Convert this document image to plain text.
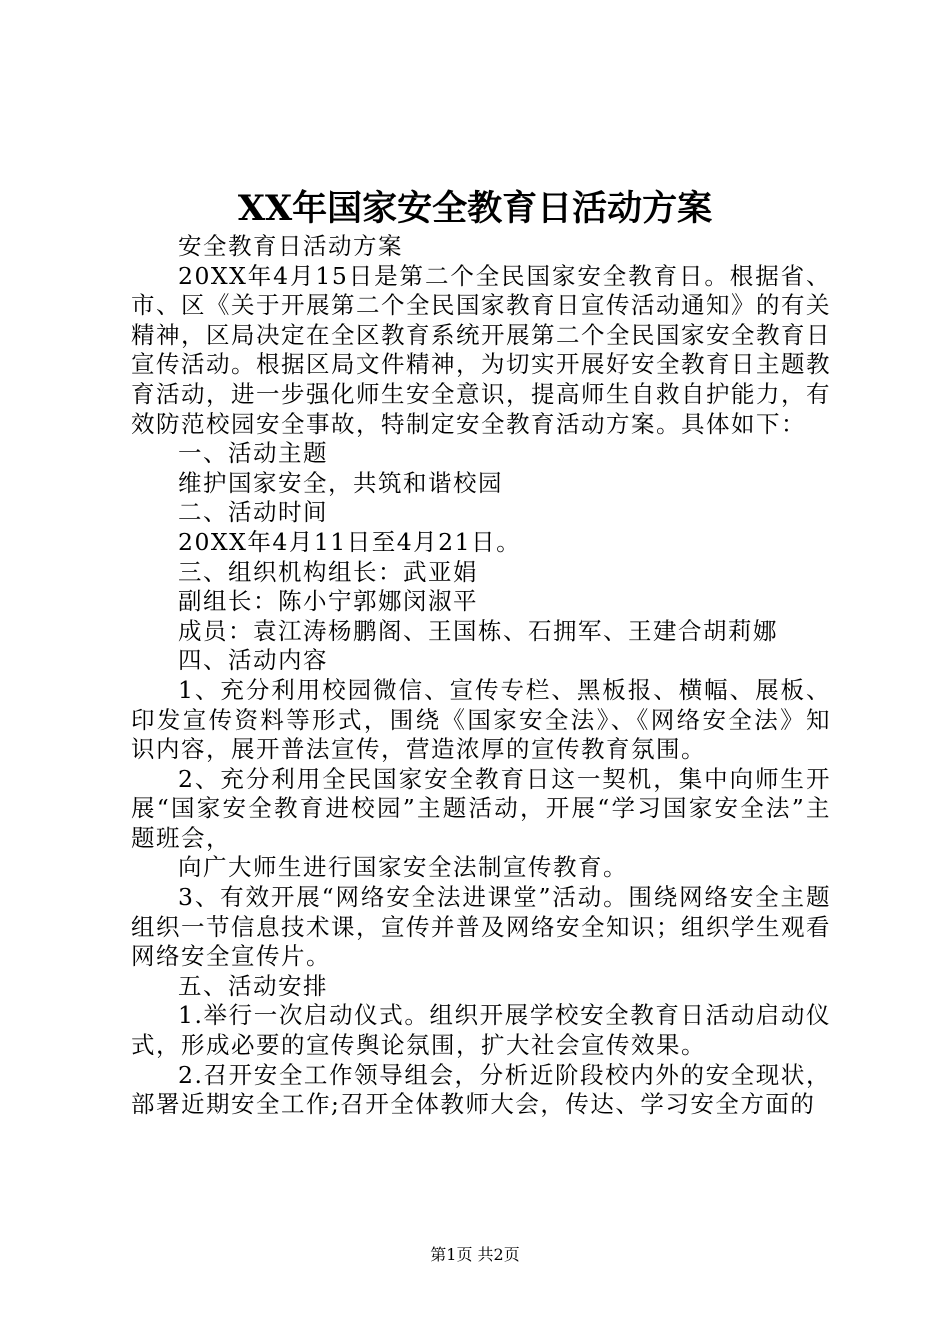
XX年国家安全教育日活动方案

安全教育日活动方案

20XX年4月15日是第二个全民国家安全教育日。根据省、市、区《关于开展第二个全民国家教育日宣传活动通知》的有关精神，区局决定在全区教育系统开展第二个全民国家安全教育日宣传活动。根据区局文件精神，为切实开展好安全教育日主题教育活动，进一步强化师生安全意识，提高师生自救自护能力，有效防范校园安全事故，特制定安全教育活动方案。具体如下：

一、活动主题

维护国家安全，共筑和谐校园

二、活动时间

20XX年4月11日至4月21日。

三、组织机构组长：武亚娟

副组长：陈小宁郭娜闵淑平

成员：袁江涛杨鹏阁、王国栋、石拥军、王建合胡莉娜

四、活动内容

1、充分利用校园微信、宣传专栏、黑板报、横幅、展板、印发宣传资料等形式，围绕《国家安全法》、《网络安全法》知识内容，展开普法宣传，营造浓厚的宣传教育氛围。

2、充分利用全民国家安全教育日这一契机，集中向师生开展“国家安全教育进校园”主题活动，开展“学习国家安全法”主题班会，

向广大师生进行国家安全法制宣传教育。

3、有效开展“网络安全法进课堂”活动。围绕网络安全主题组织一节信息技术课，宣传并普及网络安全知识；组织学生观看网络安全宣传片。

五、活动安排

1.举行一次启动仪式。组织开展学校安全教育日活动启动仪式，形成必要的宣传舆论氛围，扩大社会宣传效果。

2.召开安全工作领导组会，分析近阶段校内外的安全现状，部署近期安全工作;召开全体教师大会，传达、学习安全方面的

第1页 共2页
